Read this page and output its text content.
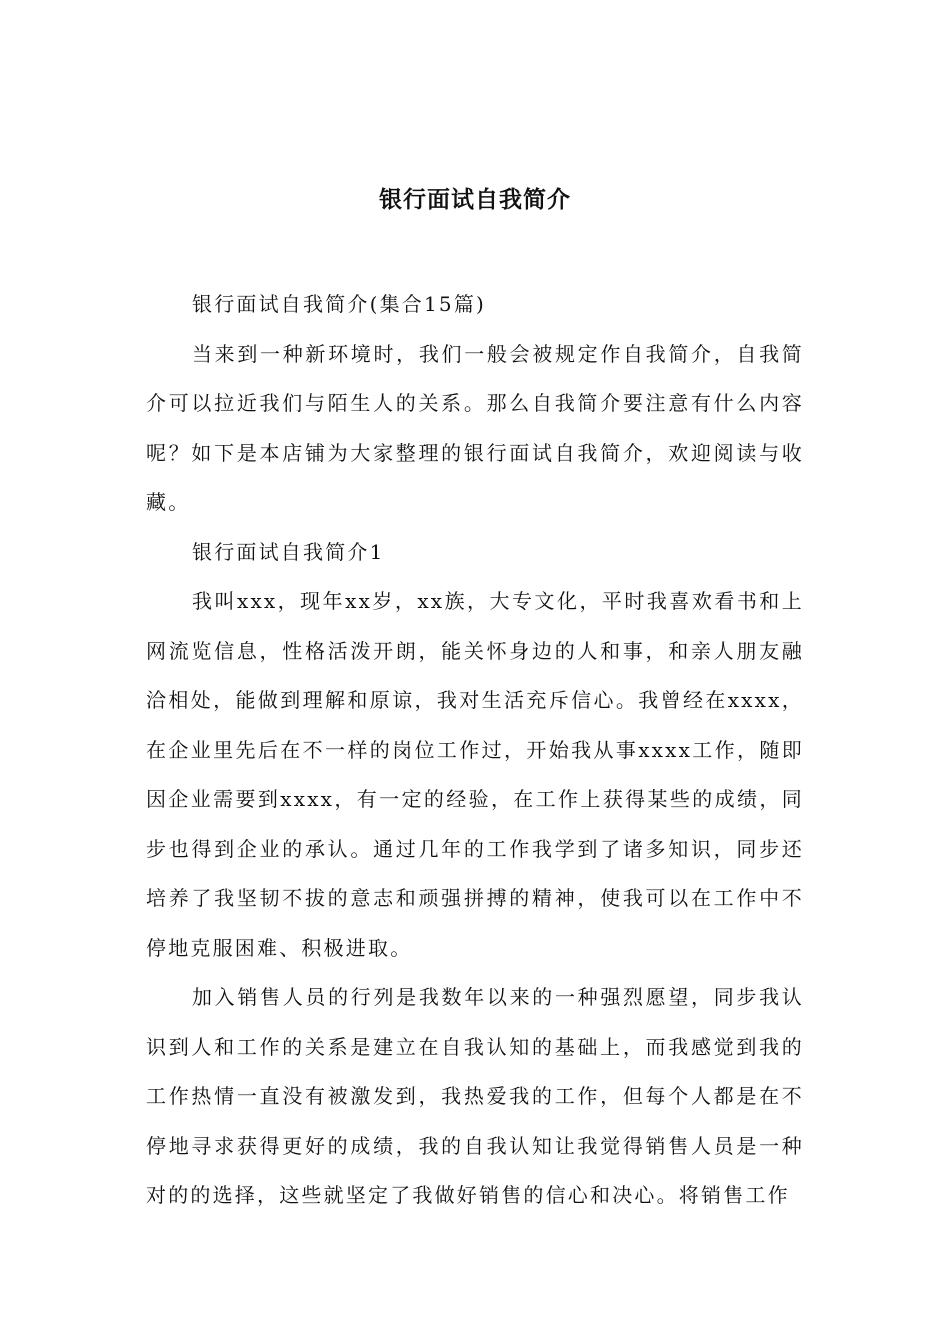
银行面试自我简介

银行面试自我简介(集合15篇)

当来到一种新环境时，我们一般会被规定作自我简介，自我简介可以拉近我们与陌生人的关系。那么自我简介要注意有什么内容呢？如下是本店铺为大家整理的银行面试自我简介，欢迎阅读与收藏。

银行面试自我简介1

我叫xxx，现年xx岁，xx族，大专文化，平时我喜欢看书和上网流览信息，性格活泼开朗，能关怀身边的人和事，和亲人朋友融洽相处，能做到理解和原谅，我对生活充斥信心。我曾经在xxxx，在企业里先后在不一样的岗位工作过，开始我从事xxxx工作，随即因企业需要到xxxx，有一定的经验，在工作上获得某些的成绩，同步也得到企业的承认。通过几年的工作我学到了诸多知识，同步还培养了我坚韧不拔的意志和顽强拼搏的精神，使我可以在工作中不停地克服困难、积极进取。

加入销售人员的行列是我数年以来的一种强烈愿望，同步我认识到人和工作的关系是建立在自我认知的基础上，而我感觉到我的工作热情一直没有被激发到，我热爱我的工作，但每个人都是在不停地寻求获得更好的成绩，我的自我认知让我觉得销售人员是一种对的的选择，这些就坚定了我做好销售的信心和决心。将销售工作
